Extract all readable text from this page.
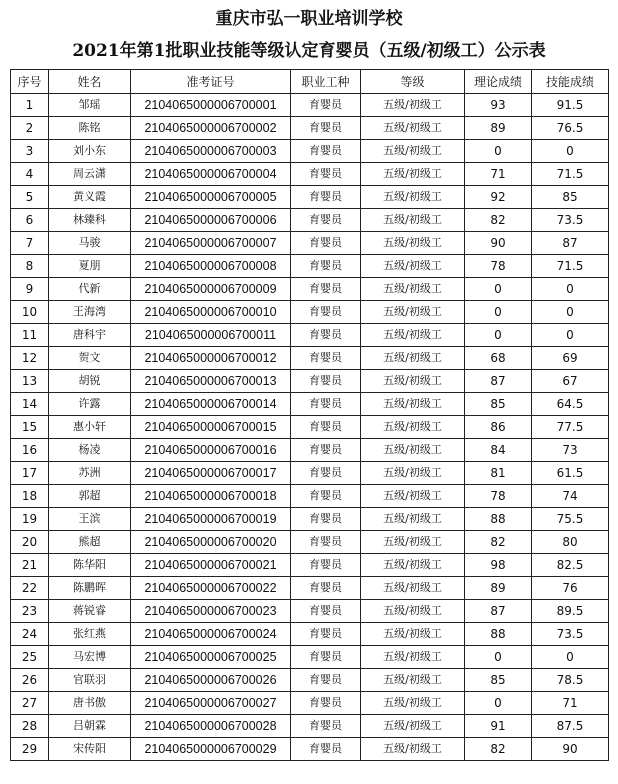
重庆市弘一职业培训学校
2021年第1批职业技能等级认定育婴员（五级/初级工）公示表
序号	姓名	准考证号	职业工种	等级	理论成绩	技能成绩
1	邹瑶	2104065000006700001	育婴员	五级/初级工	93	91.5
2	陈铭	2104065000006700002	育婴员	五级/初级工	89	76.5
3	刘小东	2104065000006700003	育婴员	五级/初级工	0	0
4	周云潇	2104065000006700004	育婴员	五级/初级工	71	71.5
5	黄义霞	2104065000006700005	育婴员	五级/初级工	92	85
6	林臻科	2104065000006700006	育婴员	五级/初级工	82	73.5
7	马骏	2104065000006700007	育婴员	五级/初级工	90	87
8	夏朋	2104065000006700008	育婴员	五级/初级工	78	71.5
9	代新	2104065000006700009	育婴员	五级/初级工	0	0
10	王海湾	2104065000006700010	育婴员	五级/初级工	0	0
11	唐科宇	2104065000006700011	育婴员	五级/初级工	0	0
12	贺文	2104065000006700012	育婴员	五级/初级工	68	69
13	胡锐	2104065000006700013	育婴员	五级/初级工	87	67
14	许露	2104065000006700014	育婴员	五级/初级工	85	64.5
15	惠小轩	2104065000006700015	育婴员	五级/初级工	86	77.5
16	杨凌	2104065000006700016	育婴员	五级/初级工	84	73
17	苏洲	2104065000006700017	育婴员	五级/初级工	81	61.5
18	郭超	2104065000006700018	育婴员	五级/初级工	78	74
19	王滨	2104065000006700019	育婴员	五级/初级工	88	75.5
20	熊超	2104065000006700020	育婴员	五级/初级工	82	80
21	陈华阳	2104065000006700021	育婴员	五级/初级工	98	82.5
22	陈鹏晖	2104065000006700022	育婴员	五级/初级工	89	76
23	蒋锐睿	2104065000006700023	育婴员	五级/初级工	87	89.5
24	张红燕	2104065000006700024	育婴员	五级/初级工	88	73.5
25	马宏博	2104065000006700025	育婴员	五级/初级工	0	0
26	官联羽	2104065000006700026	育婴员	五级/初级工	85	78.5
27	唐书傲	2104065000006700027	育婴员	五级/初级工	0	71
28	吕朝霖	2104065000006700028	育婴员	五级/初级工	91	87.5
29	宋传阳	2104065000006700029	育婴员	五级/初级工	82	90
